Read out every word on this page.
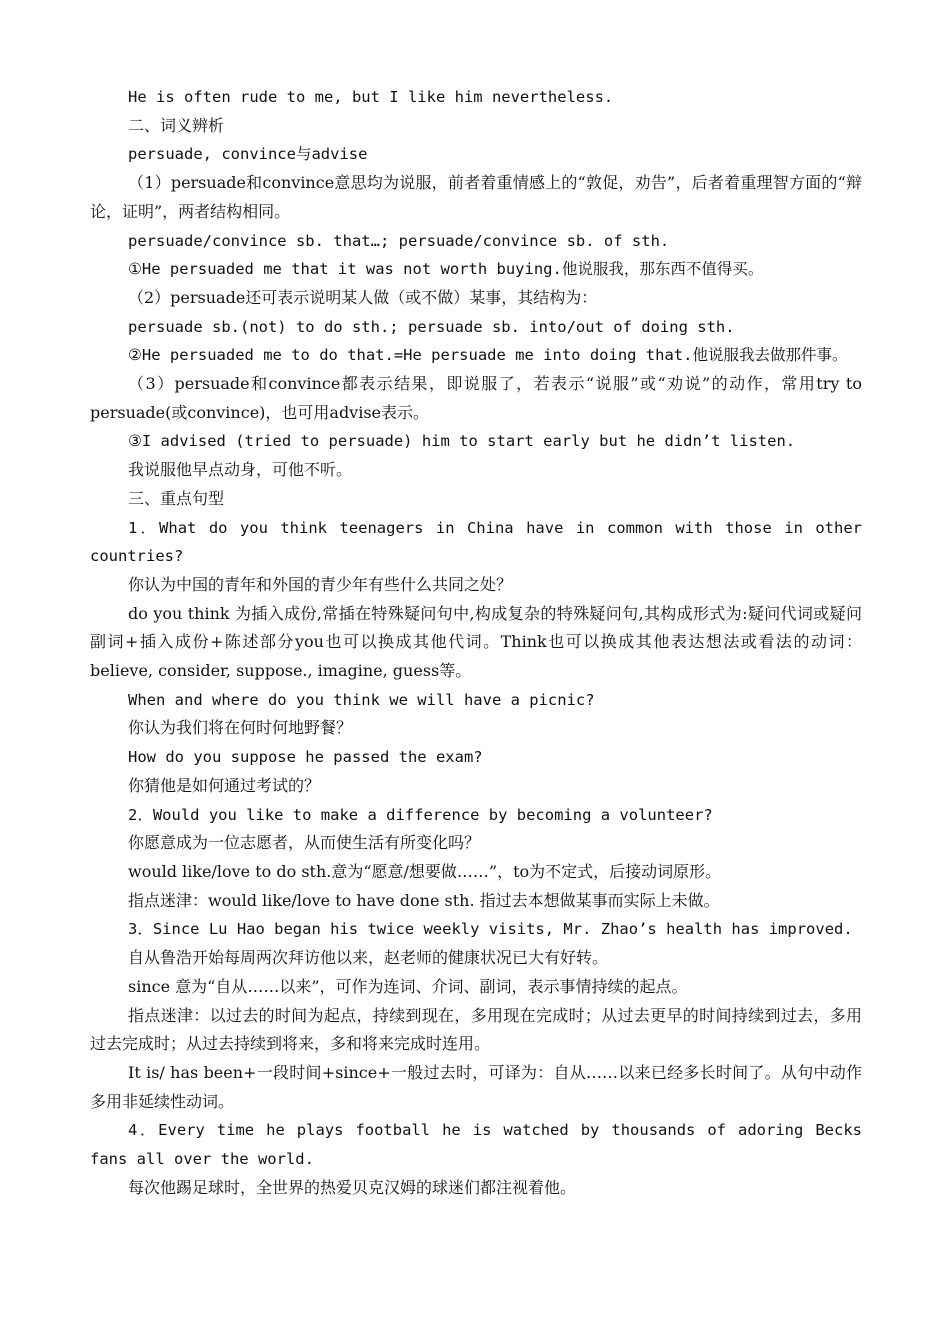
He is often rude to me, but I like him nevertheless.

二、词义辨析

persuade, convince与advise

（1）persuade和convince意思均为说服，前者着重情感上的“敦促，劝告”，后者着重理智方面的“辩论，证明”，两者结构相同。

persuade/convince sb. that…; persuade/convince sb. of sth.

①He persuaded me that it was not worth buying.他说服我，那东西不值得买。

（2）persuade还可表示说明某人做（或不做）某事，其结构为：

persuade sb.(not) to do sth.; persuade sb. into/out of doing sth.

②He persuaded me to do that.=He persuade me into doing that.他说服我去做那件事。

（3）persuade和convince都表示结果，即说服了，若表示“说服”或“劝说”的动作，常用try to persuade(或convince)，也可用advise表示。

③I advised (tried to persuade) him to start early but he didn’t listen.

我说服他早点动身，可他不听。

三、重点句型

1．What do you think teenagers in China have in common with those in other countries?

你认为中国的青年和外国的青少年有些什么共同之处？

do you think 为插入成份,常插在特殊疑问句中,构成复杂的特殊疑问句,其构成形式为:疑问代词或疑问副词+插入成份+陈述部分you也可以换成其他代词。Think也可以换成其他表达想法或看法的动词：believe, consider, suppose., imagine, guess等。

When and where do you think we will have a picnic?

你认为我们将在何时何地野餐？

How do you suppose he passed the exam?

你猜他是如何通过考试的？

2．Would you like to make a difference by becoming a volunteer?

你愿意成为一位志愿者，从而使生活有所变化吗？

would like/love to do sth.意为“愿意/想要做……”，to为不定式，后接动词原形。

指点迷津：would like/love to have done sth. 指过去本想做某事而实际上未做。

3．Since Lu Hao began his twice weekly visits, Mr. Zhao’s health has improved.

自从鲁浩开始每周两次拜访他以来，赵老师的健康状况已大有好转。

since 意为“自从……以来”，可作为连词、介词、副词，表示事情持续的起点。

指点迷津：以过去的时间为起点，持续到现在，多用现在完成时；从过去更早的时间持续到过去，多用过去完成时；从过去持续到将来，多和将来完成时连用。

It is/ has been+一段时间+since+一般过去时，可译为：自从……以来已经多长时间了。从句中动作多用非延续性动词。

4．Every time he plays football he is watched by thousands of adoring Becks fans all over the world.

每次他踢足球时，全世界的热爱贝克汉姆的球迷们都注视着他。
